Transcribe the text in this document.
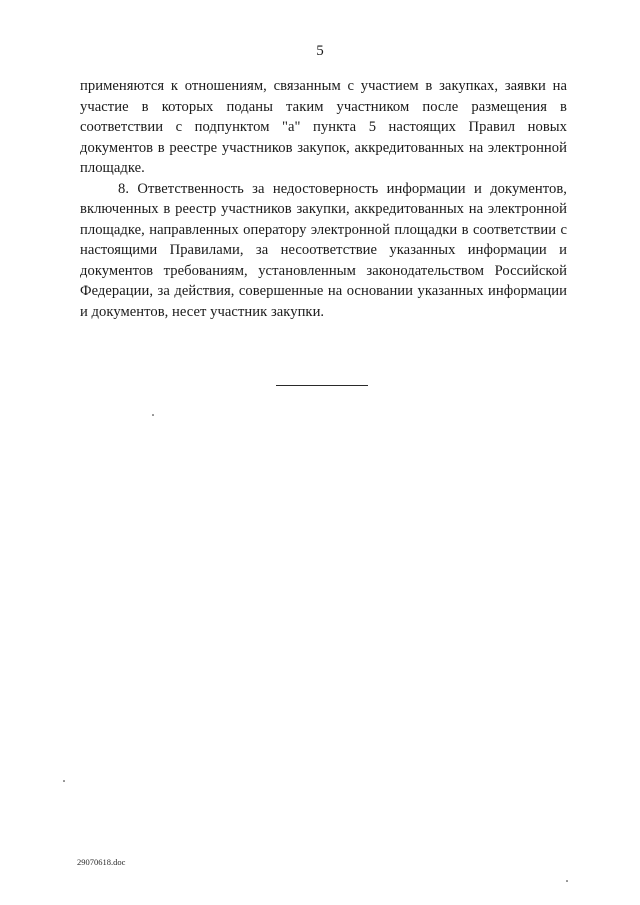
5

применяются к отношениям, связанным с участием в закупках, заявки на участие в которых поданы таким участником после размещения в соответствии с подпунктом "а" пункта 5 настоящих Правил новых документов в реестре участников закупок, аккредитованных на электронной площадке.

8. Ответственность за недостоверность информации и документов, включенных в реестр участников закупки, аккредитованных на электронной площадке, направленных оператору электронной площадки в соответствии с настоящими Правилами, за несоответствие указанных информации и документов требованиям, установленным законодательством Российской Федерации, за действия, совершенные на основании указанных информации и документов, несет участник закупки.

29070618.doc
